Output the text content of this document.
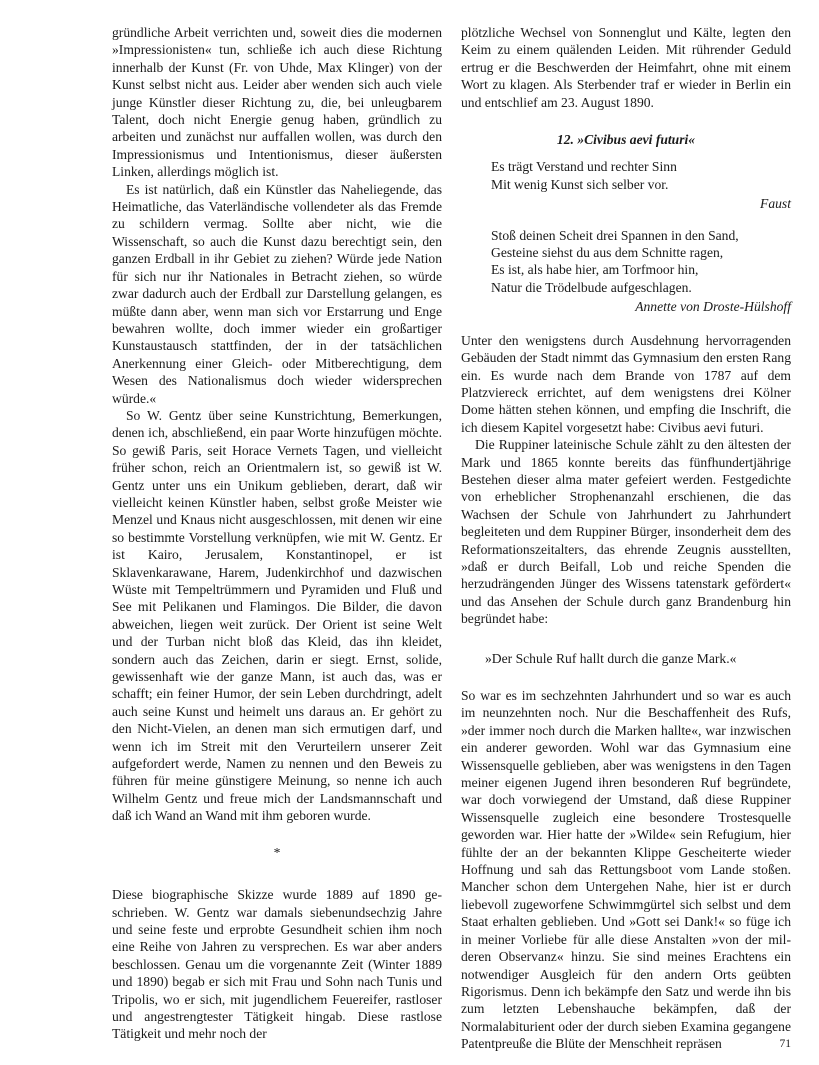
gründliche Arbeit verrichten und, soweit dies die modernen »Impressionisten« tun, schließe ich auch diese Richtung innerhalb der Kunst (Fr. von Uhde, Max Klinger) von der Kunst selbst nicht aus. Leider aber wenden sich auch viele junge Künstler dieser Richtung zu, die, bei unleugbarem Talent, doch nicht Energie genug haben, gründlich zu arbeiten und zunächst nur auffallen wollen, was durch den Impressionismus und Intentionismus, dieser äußersten Linken, allerdings möglich ist.

Es ist natürlich, daß ein Künstler das Naheliegende, das Heimatliche, das Vaterländische vollendeter als das Fremde zu schildern vermag. Sollte aber nicht, wie die Wissenschaft, so auch die Kunst dazu berechtigt sein, den ganzen Erdball in ihr Gebiet zu ziehen? Würde jede Nation für sich nur ihr Nationales in Betracht ziehen, so würde zwar dadurch auch der Erdball zur Darstellung gelangen, es müßte dann aber, wenn man sich vor Erstarrung und Enge bewahren wollte, doch immer wieder ein großartiger Kunstaustausch stattfinden, der in der tatsächlichen Anerkennung einer Gleich- oder Mitberechtigung, dem Wesen des Nationalismus doch wieder widersprechen würde.«

So W. Gentz über seine Kunstrichtung, Bemerkungen, denen ich, abschließend, ein paar Worte hinzufügen möchte. So gewiß Paris, seit Horace Vernets Tagen, und vielleicht früher schon, reich an Orientmalern ist, so gewiß ist W. Gentz unter uns ein Unikum geblieben, derart, daß wir vielleicht keinen Künstler haben, selbst große Meister wie Menzel und Knaus nicht ausgeschlossen, mit denen wir eine so bestimmte Vorstellung verknüpfen, wie mit W. Gentz. Er ist Kairo, Jerusalem, Konstantinopel, er ist Sklavenkarawane, Harem, Judenkirchhof und dazwischen Wüste mit Tempeltrümmern und Pyramiden und Fluß und See mit Pelikanen und Flamingos. Die Bilder, die davon abweichen, liegen weit zurück. Der Orient ist seine Welt und der Turban nicht bloß das Kleid, das ihn kleidet, sondern auch das Zeichen, darin er siegt. Ernst, solide, gewissenhaft wie der ganze Mann, ist auch das, was er schafft; ein feiner Humor, der sein Leben durchdringt, adelt auch seine Kunst und heimelt uns daraus an. Er gehört zu den Nicht-Vielen, an denen man sich ermutigen darf, und wenn ich im Streit mit den Verurteilern unserer Zeit aufgefordert werde, Namen zu nennen und den Beweis zu führen für meine günstigere Meinung, so nenne ich auch Wilhelm Gentz und freue mich der Landsmannschaft und daß ich Wand an Wand mit ihm geboren wurde.

*

Diese biographische Skizze wurde 1889 auf 1890 geschrieben. W. Gentz war damals siebenundsechzig Jahre und seine feste und erprobte Gesundheit schien ihm noch eine Reihe von Jahren zu versprechen. Es war aber anders beschlossen. Genau um die vorgenannte Zeit (Winter 1889 und 1890) begab er sich mit Frau und Sohn nach Tunis und Tripolis, wo er sich, mit jugendlichem Feuereifer, rastloser und angestrengtester Tätigkeit hingab. Diese rastlose Tätigkeit und mehr noch der

plötzliche Wechsel von Sonnenglut und Kälte, legten den Keim zu einem quälenden Leiden. Mit rührender Geduld ertrug er die Beschwerden der Heimfahrt, ohne mit einem Wort zu klagen. Als Sterbender traf er wieder in Berlin ein und entschlief am 23. August 1890.

12. »Civibus aevi futuri«

Es trägt Verstand und rechter Sinn
Mit wenig Kunst sich selber vor.

Faust

Stoß deinen Scheit drei Spannen in den Sand,
Gesteine siehst du aus dem Schnitte ragen,
Es ist, als habe hier, am Torfmoor hin,
Natur die Trödelbude aufgeschlagen.

Annette von Droste-Hülshoff

Unter den wenigstens durch Ausdehnung hervorragenden Gebäuden der Stadt nimmt das Gymnasium den ersten Rang ein. Es wurde nach dem Brande von 1787 auf dem Platzviereck errichtet, auf dem wenigstens drei Kölner Dome hätten stehen können, und empfing die Inschrift, die ich diesem Kapitel vorgesetzt habe: Civibus aevi futuri.

Die Ruppiner lateinische Schule zählt zu den ältesten der Mark und 1865 konnte bereits das fünfhundertjährige Bestehen dieser alma mater gefeiert werden. Festgedichte von erheblicher Strophenanzahl erschienen, die das Wachsen der Schule von Jahrhundert zu Jahrhundert begleiteten und dem Ruppiner Bürger, insonderheit dem des Reformationszeitalters, das ehrende Zeugnis ausstellten, »daß er durch Beifall, Lob und reiche Spenden die herzudrängenden Jünger des Wissens tatenstark gefördert« und das Ansehen der Schule durch ganz Brandenburg hin begründet habe:

»Der Schule Ruf hallt durch die ganze Mark.«

So war es im sechzehnten Jahrhundert und so war es auch im neunzehnten noch. Nur die Beschaffenheit des Rufs, »der immer noch durch die Marken hallte«, war inzwischen ein anderer geworden. Wohl war das Gymnasium eine Wissensquelle geblieben, aber was wenigstens in den Tagen meiner eigenen Jugend ihren besonderen Ruf begründete, war doch vorwiegend der Umstand, daß diese Ruppiner Wissensquelle zugleich eine besondere Trostesquelle geworden war. Hier hatte der »Wilde« sein Refugium, hier fühlte der an der bekannten Klippe Gescheiterte wieder Hoffnung und sah das Rettungsboot vom Lande stoßen. Mancher schon dem Untergehen Nahe, hier ist er durch liebevoll zugeworfene Schwimmgürtel sich selbst und dem Staat erhalten geblieben. Und »Gott sei Dank!« so füge ich in meiner Vorliebe für alle diese Anstalten »von der milderen Observanz« hinzu. Sie sind meines Erachtens ein notwendiger Ausgleich für den andern Orts geübten Rigorismus. Denn ich bekämpfe den Satz und werde ihn bis zum letzten Lebenshauche bekämpfen, daß der Normalabiturient oder der durch sieben Examina gegangene Patentpreuße die Blüte der Menschheit repräsen	71
